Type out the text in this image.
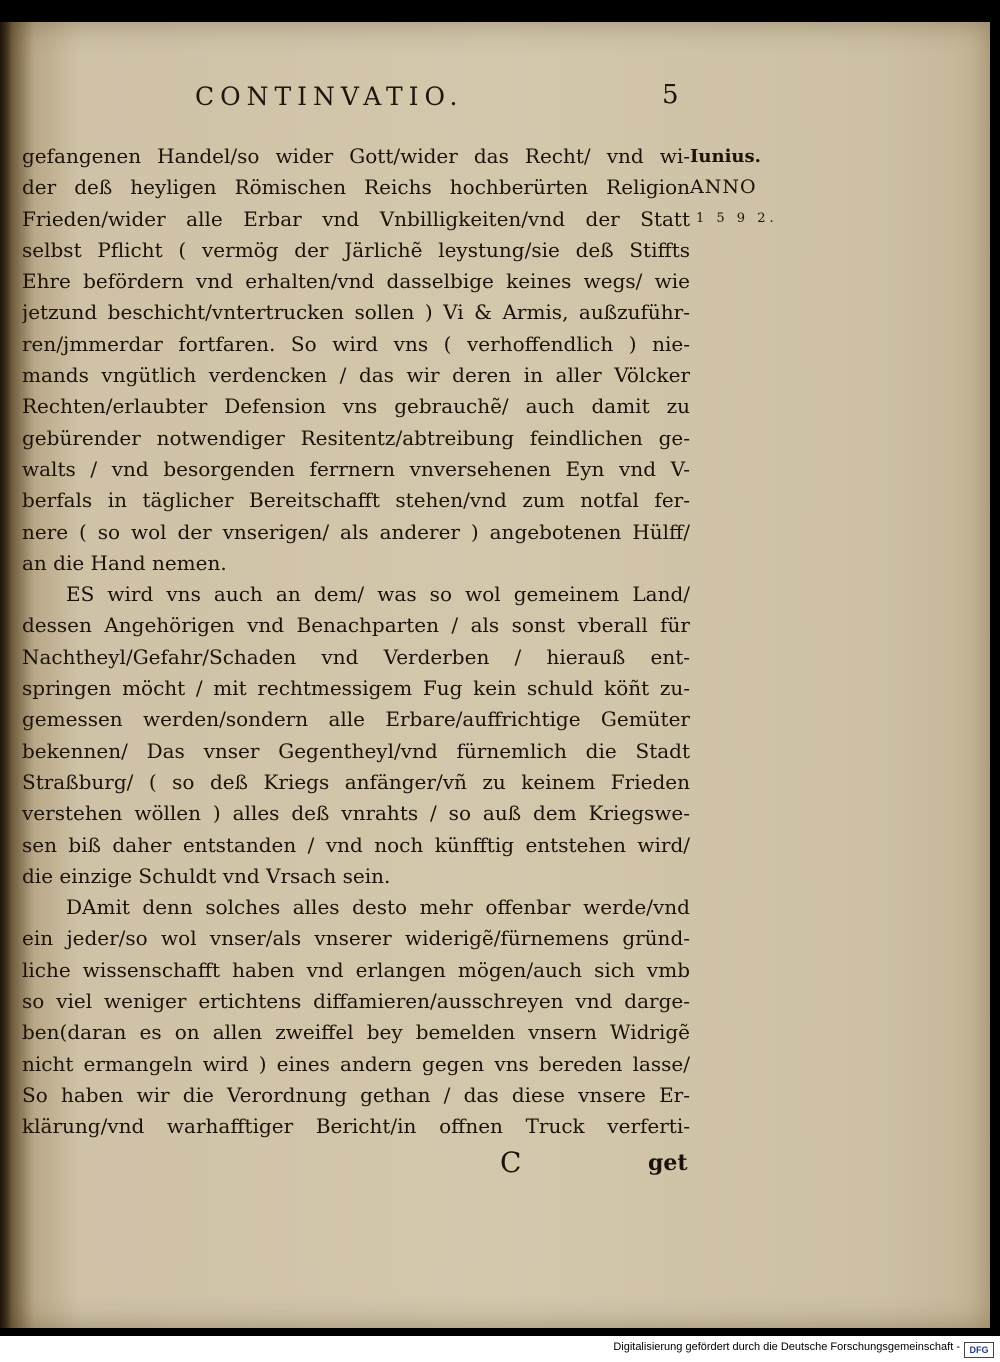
CONTINVATIO.	5
Iunius.
ANNO
1 5 9 2.
gefangenen Handel/so wider Gott/wider das Recht/ vnd wi-
der deß heyligen Römischen Reichs hochberürten Religion
Frieden/wider alle Erbar vnd Vnbilligkeiten/vnd der Statt
selbst Pflicht ( vermög der Järlichẽ leystung/sie deß Stiffts
Ehre befördern vnd erhalten/vnd dasselbige keines wegs/ wie
jetzund beschicht/vntertrucken sollen ) Vi & Armis, außzuführ-
ren/jmmerdar fortfaren. So wird vns ( verhoffendlich ) nie-
mands vngütlich verdencken / das wir deren in aller Völcker
Rechten/erlaubter Defension vns gebrauchẽ/ auch damit zu
gebürender notwendiger Resitentz/abtreibung feindlichen ge-
walts / vnd besorgenden ferrnern vnversehenen Eyn vnd V-
berfals in täglicher Bereitschafft stehen/vnd zum notfal fer-
nere ( so wol der vnserigen/ als anderer ) angebotenen Hülff/
an die Hand nemen.
ES wird vns auch an dem/ was so wol gemeinem Land/
dessen Angehörigen vnd Benachparten / als sonst vberall für
Nachtheyl/Gefahr/Schaden vnd Verderben / hierauß ent-
springen möcht / mit rechtmessigem Fug kein schuld köñt zu-
gemessen werden/sondern alle Erbare/auffrichtige Gemüter
bekennen/ Das vnser Gegentheyl/vnd fürnemlich die Stadt
Straßburg/ ( so deß Kriegs anfänger/vñ zu keinem Frieden
verstehen wöllen ) alles deß vnrahts / so auß dem Kriegswe-
sen biß daher entstanden / vnd noch künfftig entstehen wird/
die einzige Schuldt vnd Vrsach sein.
DAmit denn solches alles desto mehr offenbar werde/vnd
ein jeder/so wol vnser/als vnserer widerigẽ/fürnemens gründ-
liche wissenschafft haben vnd erlangen mögen/auch sich vmb
so viel weniger ertichtens diffamieren/ausschreyen vnd darge-
ben(daran es on allen zweiffel bey bemelden vnsern Widrigẽ
nicht ermangeln wird ) eines andern gegen vns bereden lasse/
So haben wir die Verordnung gethan / das diese vnsere Er-
klärung/vnd warhafftiger Bericht/in offnen Truck verferti-
C	get
Digitalisierung gefördert durch die Deutsche Forschungsgemeinschaft -	DFG
